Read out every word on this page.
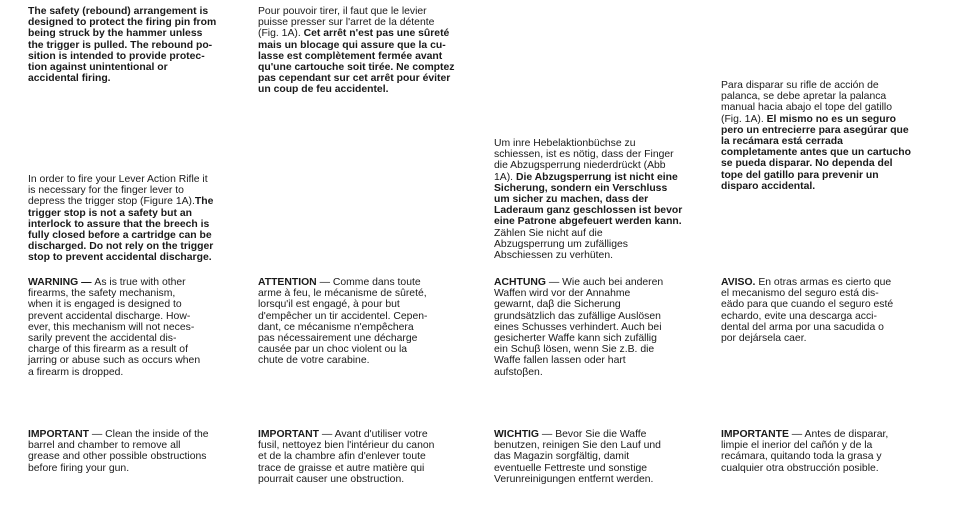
The safety (rebound) arrangement is
designed to protect the firing pin from
being struck by the hammer unless
the trigger is pulled. The rebound po-
sition is intended to provide protec-
tion against unintentional or
accidental firing.

In order to fire your Lever Action Rifle it
is necessary for the finger lever to
depress the trigger stop (Figure 1A).The trigger stop is not a safety but an
interlock to assure that the breech is
fully closed before a cartridge can be
discharged. Do not rely on the trigger
stop to prevent accidental discharge.

WARNING — As is true with other
firearms, the safety mechanism,
when it is engaged is designed to
prevent accidental discharge. How-
ever, this mechanism will not neces-
sarily prevent the accidental dis-
charge of this firearm as a result of
jarring or abuse such as occurs when
a firearm is dropped.

IMPORTANT — Clean the inside of the
barrel and chamber to remove all
grease and other possible obstructions
before firing your gun.

Pour pouvoir tirer, il faut que le levier
puisse presser sur l'arret de la détente
(Fig. 1A). Cet arrêt n'est pas une sûreté
mais un blocage qui assure que la cu-
lasse est complètement fermée avant
qu'une cartouche soit tirée. Ne comptez
pas cependant sur cet arrêt pour éviter
un coup de feu accidentel.

ATTENTION — Comme dans toute
arme à feu, le mécanisme de sûreté,
lorsqu'il est engagé, à pour but
d'empêcher un tir accidentel. Cepen-
dant, ce mécanisme n'empêchera
pas nécessairement une décharge
causée par un choc violent ou la
chute de votre carabine.

IMPORTANT — Avant d'utiliser votre
fusil, nettoyez bien l'intérieur du canon
et de la chambre afin d'enlever toute
trace de graisse et autre matière qui
pourrait causer une obstruction.

Um inre Hebelaktionbüchse zu
schiessen, ist es nötig, dass der Finger
die Abzugsperrung niederdrückt (Abb
1A). Die Abzugsperrung ist nicht eine
Sicherung, sondern ein Verschluss
um sicher zu machen, dass der
Laderaum ganz geschlossen ist bevor
eine Patrone abgefeuert werden kann.
Zählen Sie nicht auf die
Abzugsperrung um zufälliges
Abschiessen zu verhüten.

ACHTUNG — Wie auch bei anderen
Waffen wird vor der Annahme
gewarnt, daβ die Sicherung
grundsätzlich das zufällige Auslösen
eines Schusses verhindert. Auch bei
gesicherter Waffe kann sich zufällig
ein Schuβ lösen, wenn Sie z.B. die
Waffe fallen lassen oder hart
aufstoβen.

WICHTIG — Bevor Sie die Waffe
benutzen, reinigen Sie den Lauf und
das Magazin sorgfältig, damit
eventuelle Fettreste und sonstige
Verunreinigungen entfernt werden.

Para disparar su rifle de acción de
palanca, se debe apretar la palanca
manual hacia abajo el tope del gatillo
(Fig. 1A). El mismo no es un seguro
pero un entrecierre para asegúrar que
la recámara está cerrada
completamente antes que un cartucho
se pueda disparar. No dependa del
tope del gatillo para prevenir un
disparo accidental.

AVISO. En otras armas es cierto que
el mecanismo del seguro está dis-
eädo para que cuando el seguro esté
echardo, evite una descarga acci-
dental del arma por una sacudida o
por dejársela caer.

IMPORTANTE — Antes de disparar,
limpie el inerior del cañón y de la
recámara, quitando toda la grasa y
cualquier otra obstrucción posible.
